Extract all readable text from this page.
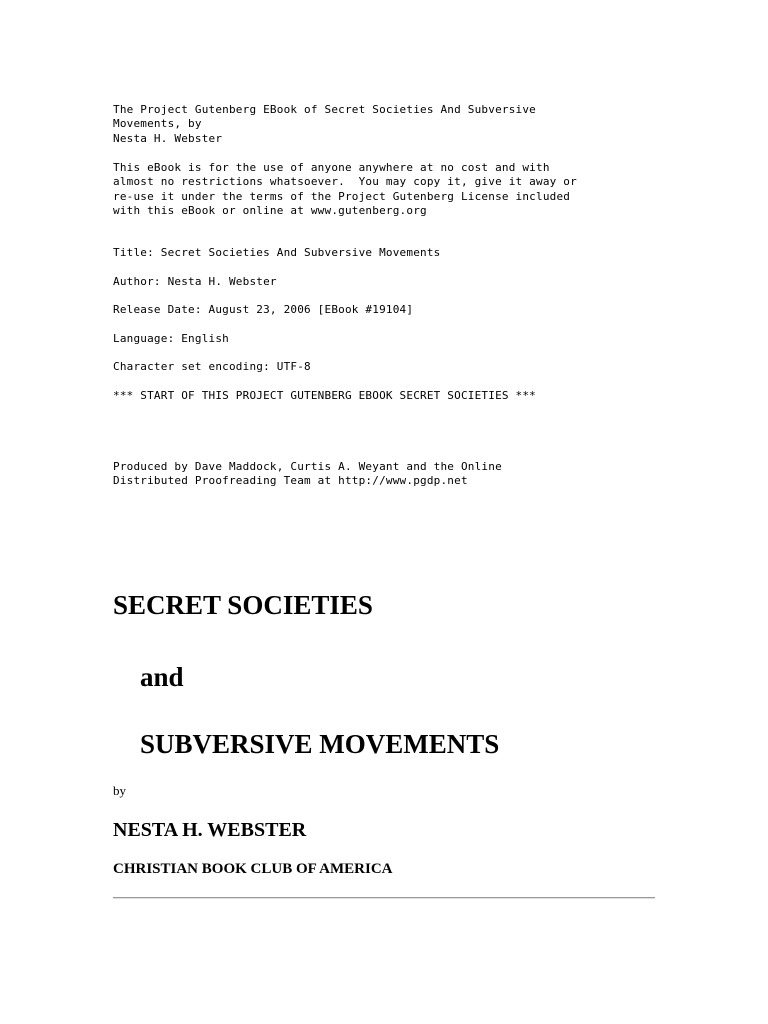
The Project Gutenberg EBook of Secret Societies And Subversive

Movements, by

Nesta H. Webster

This eBook is for the use of anyone anywhere at no cost and with

almost no restrictions whatsoever.  You may copy it, give it away or

re-use it under the terms of the Project Gutenberg License included

with this eBook or online at www.gutenberg.org

Title: Secret Societies And Subversive Movements

Author: Nesta H. Webster

Release Date: August 23, 2006 [EBook #19104]

Language: English

Character set encoding: UTF-8

*** START OF THIS PROJECT GUTENBERG EBOOK SECRET SOCIETIES ***

Produced by Dave Maddock, Curtis A. Weyant and the Online

Distributed Proofreading Team at http://www.pgdp.net

SECRET SOCIETIES
and
SUBVERSIVE MOVEMENTS

by

NESTA H. WEBSTER
CHRISTIAN BOOK CLUB OF AMERICA
